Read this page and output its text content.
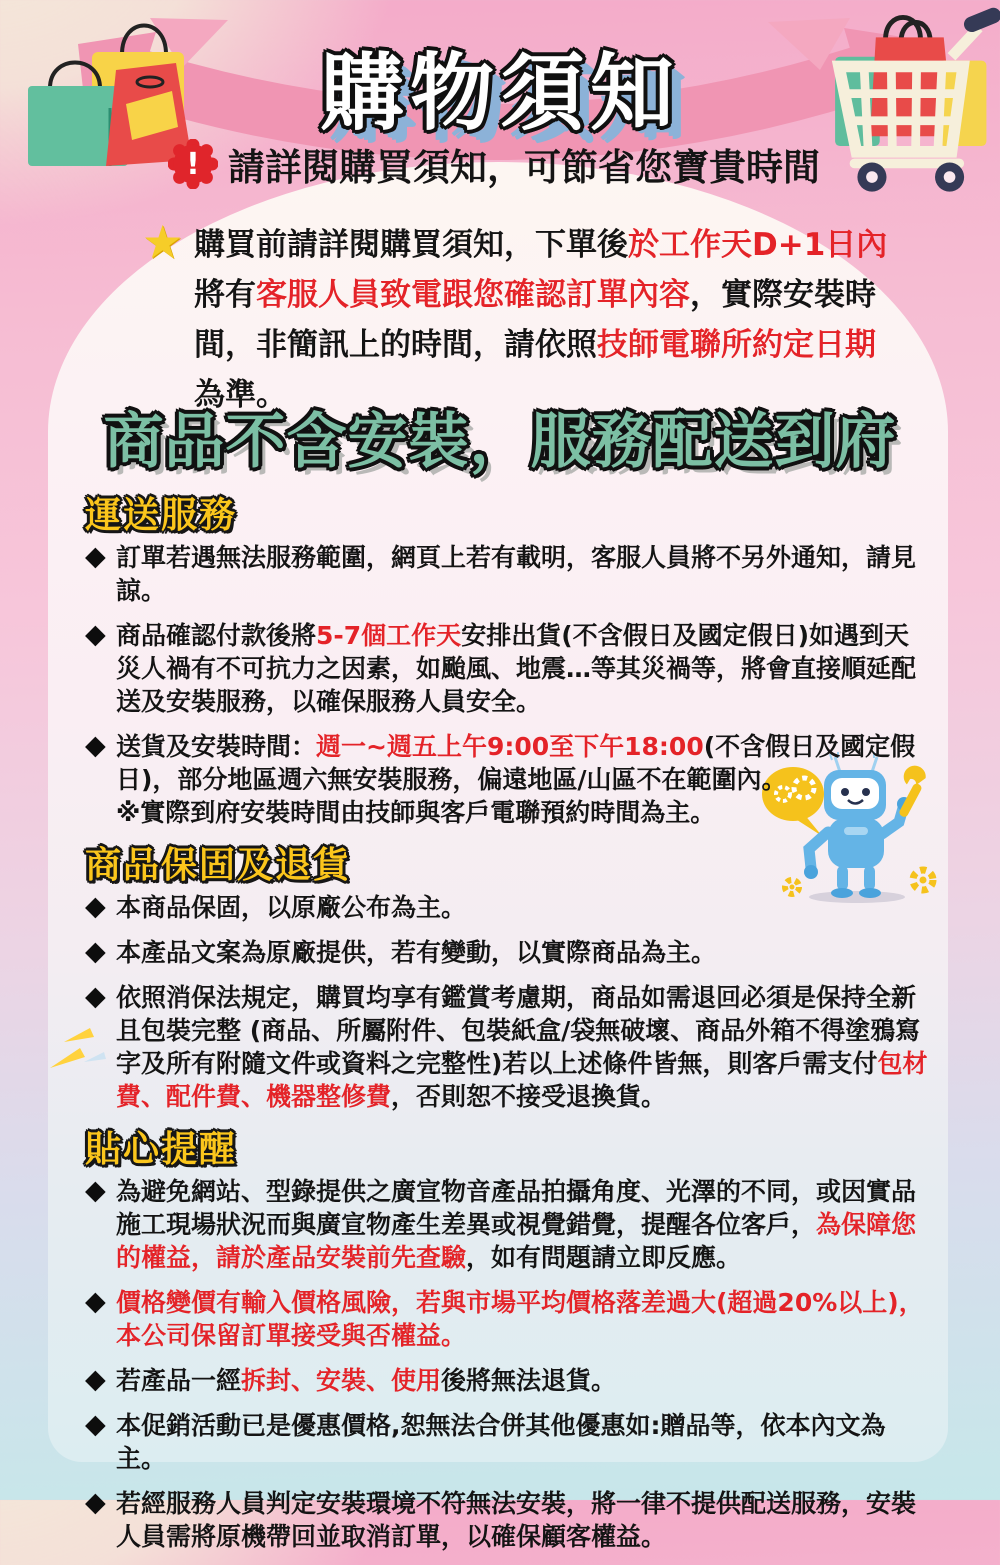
購物須知
! 請詳閱購買須知，可節省您寶貴時間
★ 購買前請詳閱購買須知，下單後於工作天D+1日內將有客服人員致電跟您確認訂單內容，實際安裝時間，非簡訊上的時間，請依照技師電聯所約定日期為準。
商品不含安裝，服務配送到府
運送服務
◆ 訂單若遇無法服務範圍，網頁上若有載明，客服人員將不另外通知，請見諒。
◆ 商品確認付款後將5-7個工作天安排出貨(不含假日及國定假日)如遇到天災人禍有不可抗力之因素，如颱風、地震…等其災禍等，將會直接順延配送及安裝服務，以確保服務人員安全。
◆ 送貨及安裝時間：週一~週五上午9:00至下午18:00(不含假日及國定假日)，部分地區週六無安裝服務，偏遠地區/山區不在範圍內。
※實際到府安裝時間由技師與客戶電聯預約時間為主。
商品保固及退貨
◆ 本商品保固，以原廠公布為主。
◆ 本產品文案為原廠提供，若有變動，以實際商品為主。
◆ 依照消保法規定，購買均享有鑑賞考慮期，商品如需退回必須是保持全新且包裝完整 (商品、所屬附件、包裝紙盒/袋無破壞、商品外箱不得塗鴉寫字及所有附隨文件或資料之完整性)若以上述條件皆無，則客戶需支付包材費、配件費、機器整修費，否則恕不接受退換貨。
貼心提醒
◆ 為避免網站、型錄提供之廣宣物音產品拍攝角度、光澤的不同，或因實品施工現場狀況而與廣宣物產生差異或視覺錯覺，提醒各位客戶，為保障您的權益，請於產品安裝前先查驗，如有問題請立即反應。
◆ 價格變價有輸入價格風險，若與市場平均價格落差過大(超過20%以上)，本公司保留訂單接受與否權益。
◆ 若產品一經拆封、安裝、使用後將無法退貨。
◆ 本促銷活動已是優惠價格,恕無法合併其他優惠如:贈品等，依本內文為主。
◆ 若經服務人員判定安裝環境不符無法安裝，將一律不提供配送服務，安裝人員需將原機帶回並取消訂單，以確保顧客權益。
